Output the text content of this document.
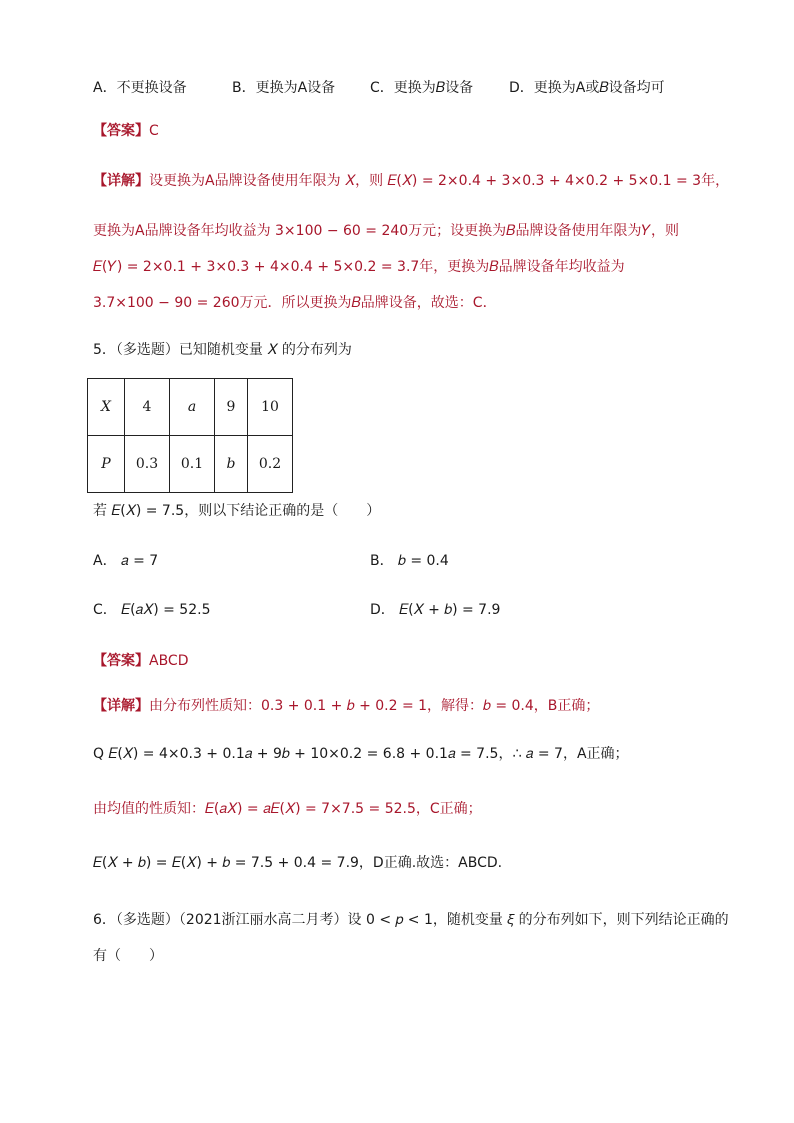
A．不更换设备	B．更换为A设备 C．更换为𝐵设备	D．更换为A或𝐵设备均可
【答案】C
【详解】设更换为A品牌设备使用年限为 𝑋，则 𝐸(𝑋) = 2×0.4 + 3×0.3 + 4×0.2 + 5×0.1 = 3年，
更换为A品牌设备年均收益为 3×100 − 60 = 240万元；设更换为𝐵品牌设备使用年限为𝑌，则
𝐸(𝑌) = 2×0.1 + 3×0.3 + 4×0.4 + 5×0.2 = 3.7年，更换为𝐵品牌设备年均收益为
3.7×100 − 90 = 260万元．所以更换为𝐵品牌设备，故选：C．
5．（多选题）已知随机变量 𝑋 的分布列为
𝑋	4	𝑎	9	10
𝑃	0.3	0.1	𝑏	0.2
若 𝐸(𝑋) = 7.5，则以下结论正确的是（　　）
A． 𝑎 = 7	B． 𝑏 = 0.4
C． 𝐸(𝑎𝑋) = 52.5	D． 𝐸(𝑋 + 𝑏) = 7.9
【答案】ABCD
【详解】由分布列性质知：0.3 + 0.1 + 𝑏 + 0.2 = 1，解得：𝑏 = 0.4，B正确；
Q 𝐸(𝑋) = 4×0.3 + 0.1𝑎 + 9𝑏 + 10×0.2 = 6.8 + 0.1𝑎 = 7.5，∴ 𝑎 = 7，A正确；
由均值的性质知：𝐸(𝑎𝑋) = 𝑎𝐸(𝑋) = 7×7.5 = 52.5，C正确；
𝐸(𝑋 + 𝑏) = 𝐸(𝑋) + 𝑏 = 7.5 + 0.4 = 7.9，D正确.故选：ABCD.
6．（多选题）（2021浙江丽水高二月考）设 0 < 𝑝 < 1，随机变量 𝜉 的分布列如下，则下列结论正确的
有（　　）
